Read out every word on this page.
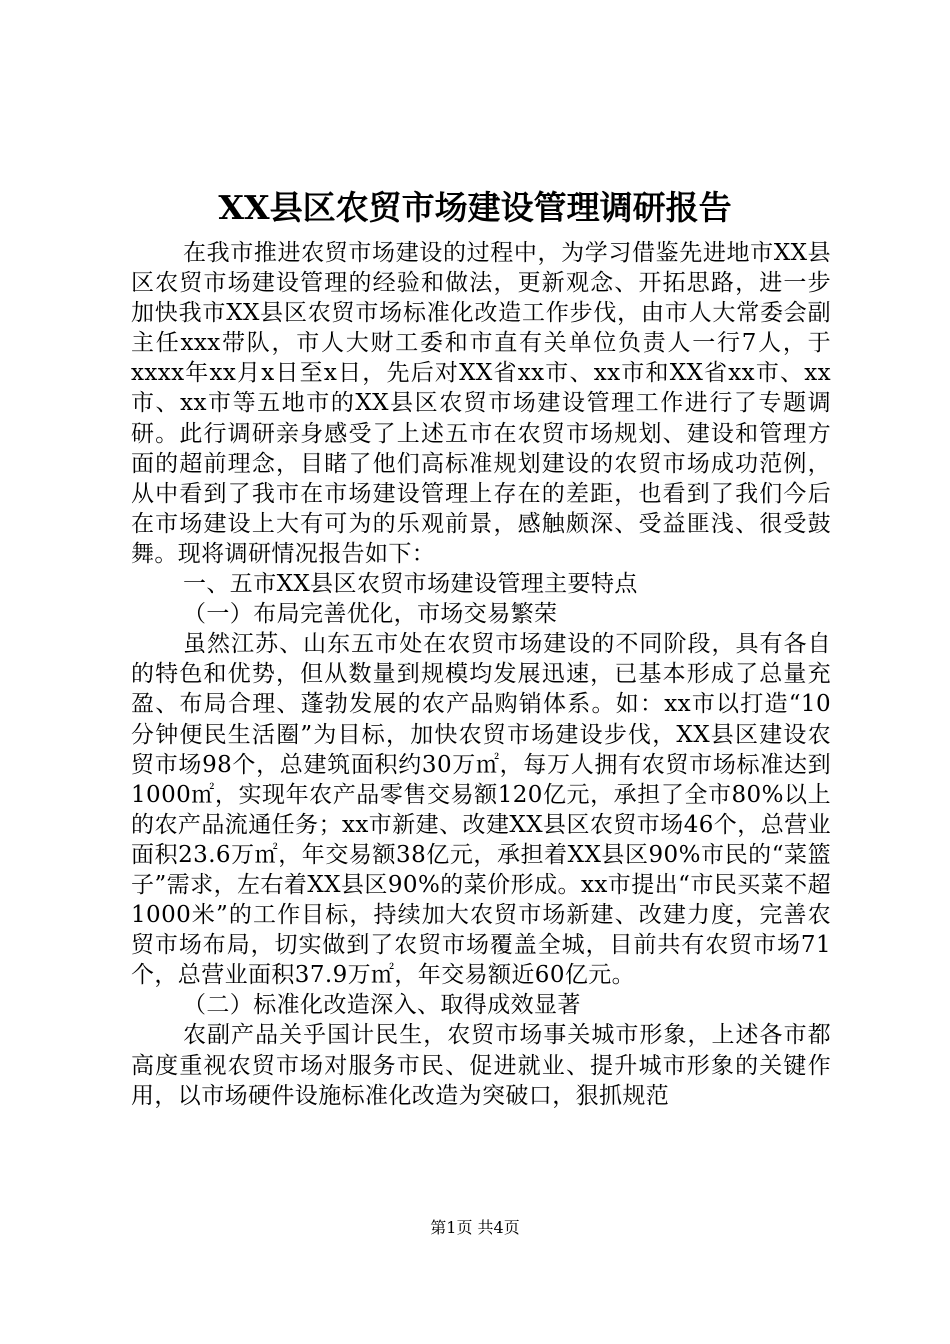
XX县区农贸市场建设管理调研报告

在我市推进农贸市场建设的过程中，为学习借鉴先进地市XX县区农贸市场建设管理的经验和做法，更新观念、开拓思路，进一步加快我市XX县区农贸市场标准化改造工作步伐，由市人大常委会副主任xxx带队，市人大财工委和市直有关单位负责人一行7人，于xxxx年xx月x日至x日，先后对XX省xx市、xx市和XX省xx市、xx市、xx市等五地市的XX县区农贸市场建设管理工作进行了专题调研。此行调研亲身感受了上述五市在农贸市场规划、建设和管理方面的超前理念，目睹了他们高标准规划建设的农贸市场成功范例，从中看到了我市在市场建设管理上存在的差距，也看到了我们今后在市场建设上大有可为的乐观前景，感触颇深、受益匪浅、很受鼓舞。现将调研情况报告如下：

一、五市XX县区农贸市场建设管理主要特点

（一）布局完善优化，市场交易繁荣

虽然江苏、山东五市处在农贸市场建设的不同阶段，具有各自的特色和优势，但从数量到规模均发展迅速，已基本形成了总量充盈、布局合理、蓬勃发展的农产品购销体系。如：xx市以打造“10分钟便民生活圈”为目标，加快农贸市场建设步伐，XX县区建设农贸市场98个，总建筑面积约30万㎡，每万人拥有农贸市场标准达到1000㎡，实现年农产品零售交易额120亿元，承担了全市80%以上的农产品流通任务；xx市新建、改建XX县区农贸市场46个，总营业面积23.6万㎡，年交易额38亿元，承担着XX县区90%市民的“菜篮子”需求，左右着XX县区90%的菜价形成。xx市提出“市民买菜不超1000米”的工作目标，持续加大农贸市场新建、改建力度，完善农贸市场布局，切实做到了农贸市场覆盖全城，目前共有农贸市场71个，总营业面积37.9万㎡，年交易额近60亿元。

（二）标准化改造深入、取得成效显著

农副产品关乎国计民生，农贸市场事关城市形象，上述各市都高度重视农贸市场对服务市民、促进就业、提升城市形象的关键作用，以市场硬件设施标准化改造为突破口，狠抓规范

第1页 共4页
